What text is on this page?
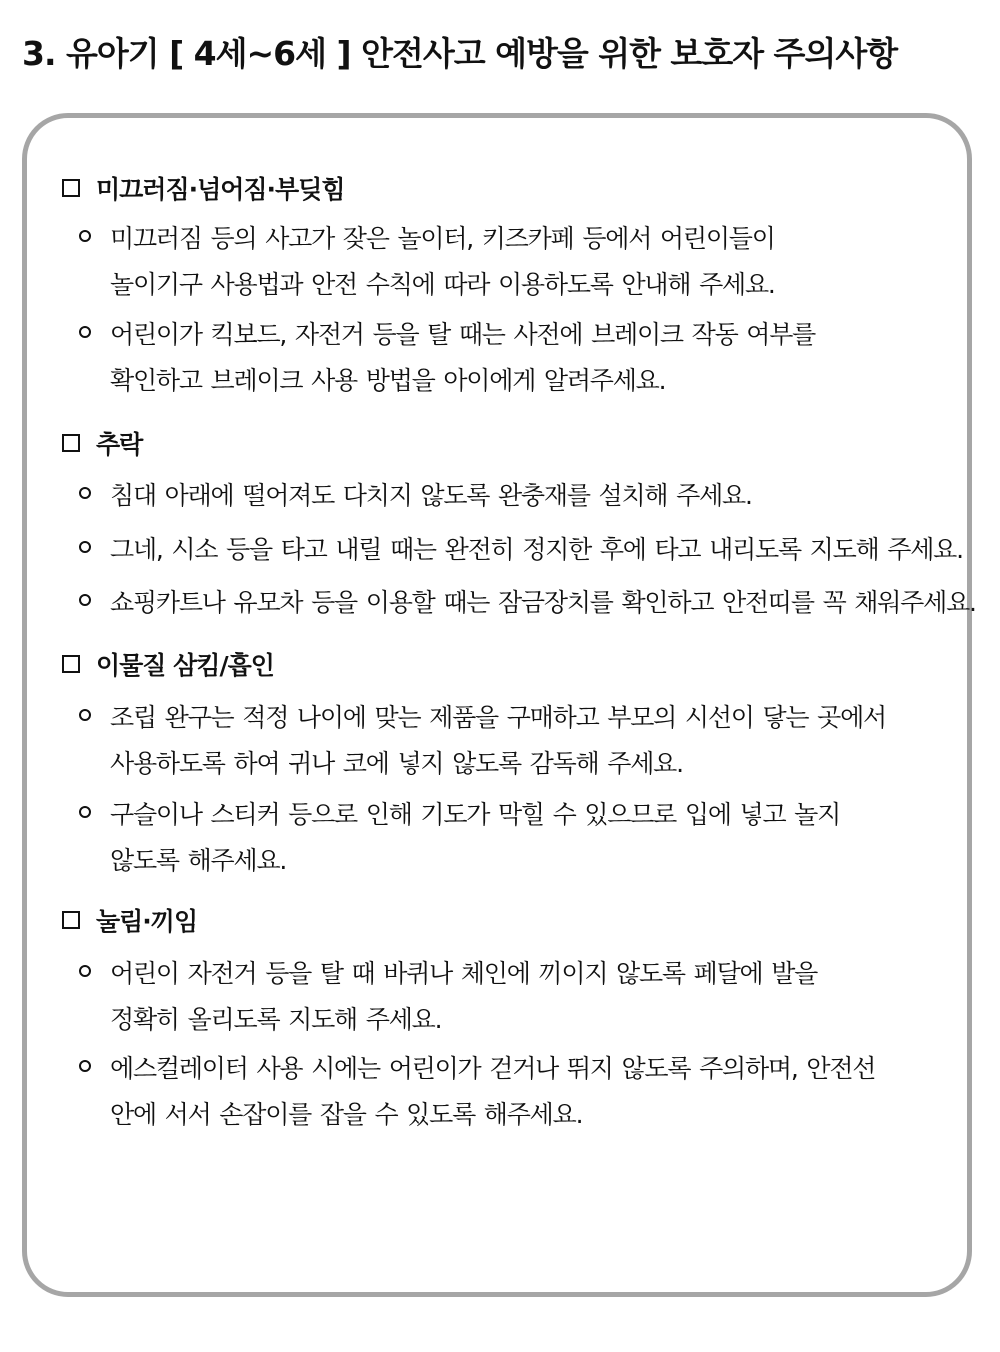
3. 유아기 [ 4세~6세 ] 안전사고 예방을 위한 보호자 주의사항
미끄러짐·넘어짐·부딪힘
미끄러짐 등의 사고가 잦은 놀이터, 키즈카페 등에서 어린이들이
놀이기구 사용법과 안전 수칙에 따라 이용하도록 안내해 주세요.
어린이가 킥보드, 자전거 등을 탈 때는 사전에 브레이크 작동 여부를
확인하고 브레이크 사용 방법을 아이에게 알려주세요.
추락
침대 아래에 떨어져도 다치지 않도록 완충재를 설치해 주세요.
그네, 시소 등을 타고 내릴 때는 완전히 정지한 후에 타고 내리도록 지도해 주세요.
쇼핑카트나 유모차 등을 이용할 때는 잠금장치를 확인하고 안전띠를 꼭 채워주세요.
이물질 삼킴/흡인
조립 완구는 적정 나이에 맞는 제품을 구매하고 부모의 시선이 닿는 곳에서
사용하도록 하여 귀나 코에 넣지 않도록 감독해 주세요.
구슬이나 스티커 등으로 인해 기도가 막힐 수 있으므로 입에 넣고 놀지
않도록 해주세요.
눌림·끼임
어린이 자전거 등을 탈 때 바퀴나 체인에 끼이지 않도록 페달에 발을
정확히 올리도록 지도해 주세요.
에스컬레이터 사용 시에는 어린이가 걷거나 뛰지 않도록 주의하며, 안전선
안에 서서 손잡이를 잡을 수 있도록 해주세요.
